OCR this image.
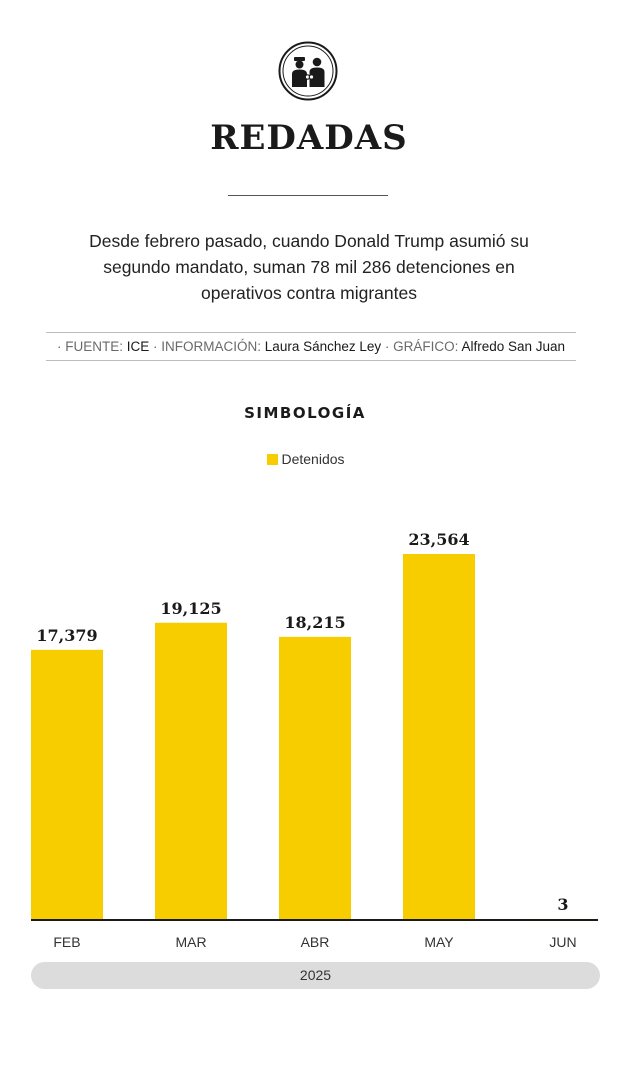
REDADAS
Desde febrero pasado, cuando Donald Trump asumió su segundo mandato, suman 78 mil 286 detenciones en operativos contra migrantes
· FUENTE: ICE · INFORMACIÓN: Laura Sánchez Ley · GRÁFICO: Alfredo San Juan
SIMBOLOGÍA
Detenidos
17,379
FEB
19,125
MAR
18,215
ABR
23,564
MAY
3
JUN
2025
